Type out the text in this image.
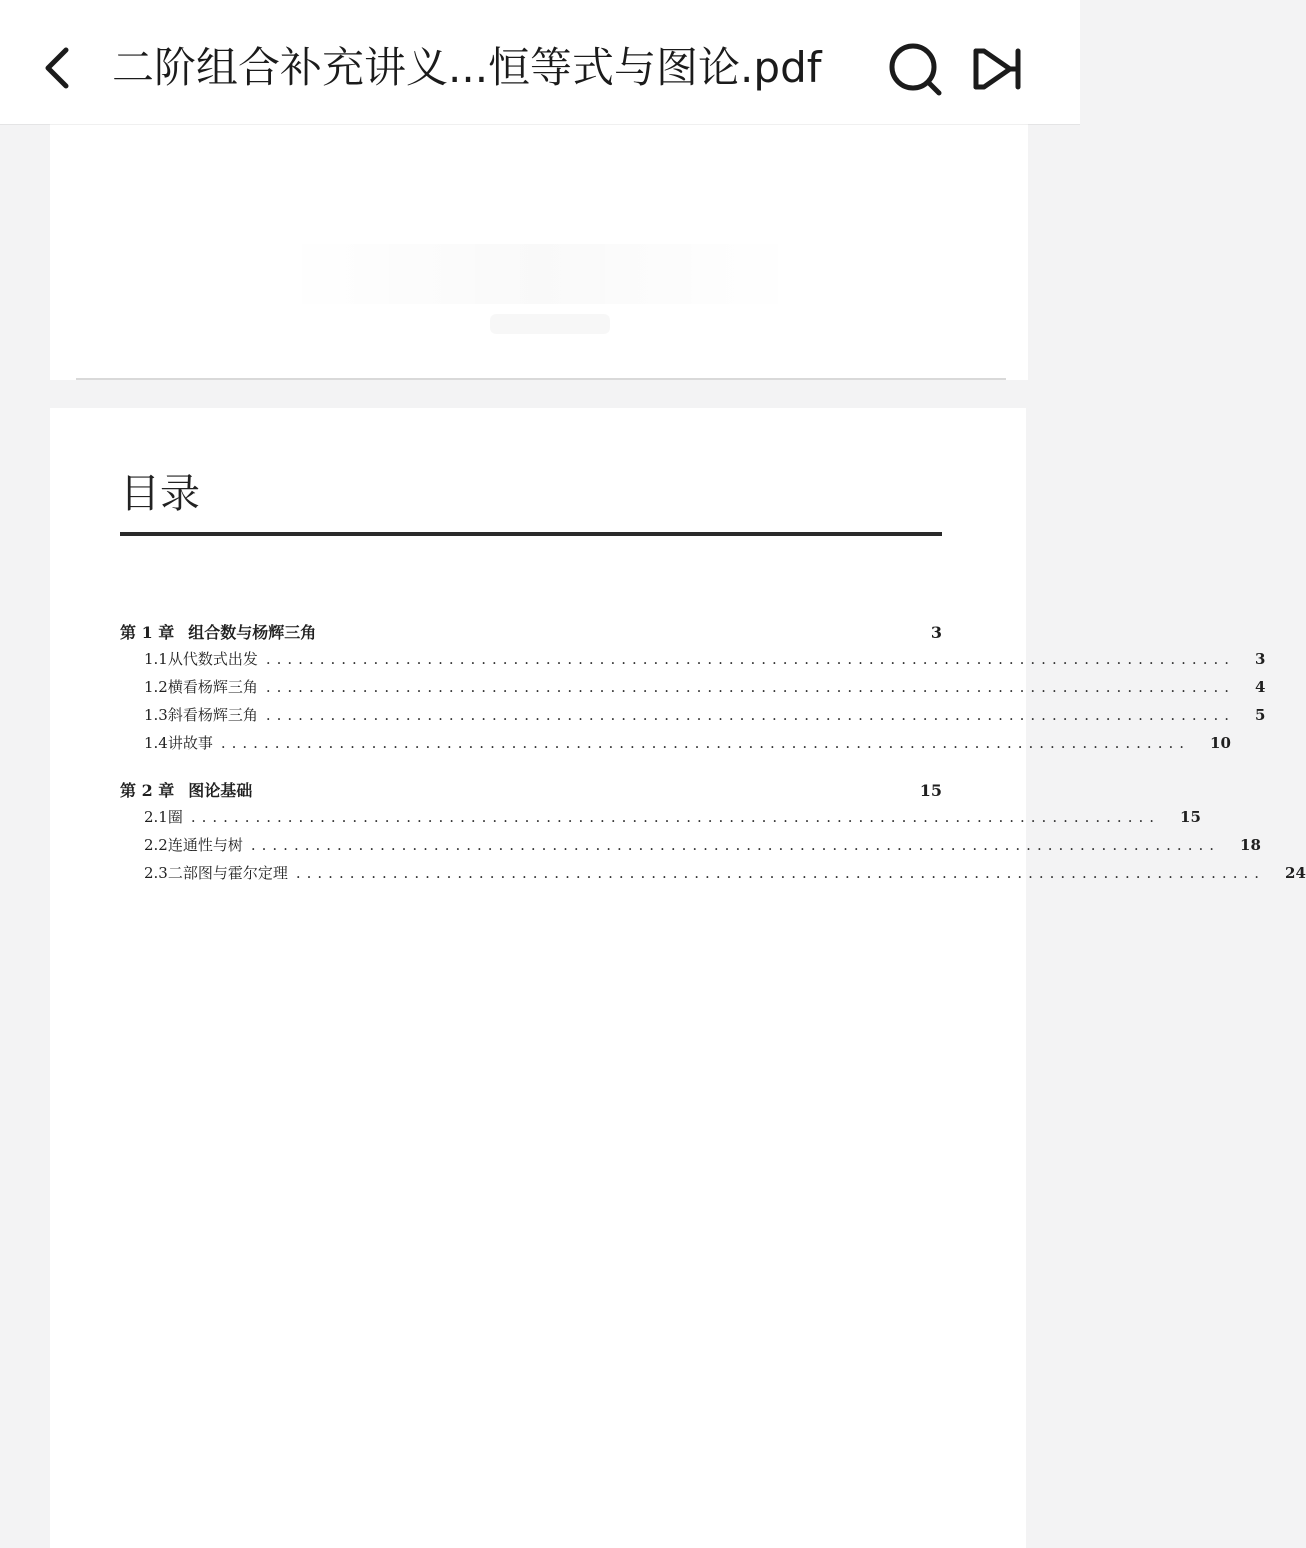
二阶组合补充讲义...恒等式与图论.pdf
目录
第 1 章 组合数与杨辉三角	3
1.1 从代数式出发 .......................................................................................... 3
1.2 横看杨辉三角 .......................................................................................... 4
1.3 斜看杨辉三角 .......................................................................................... 5
1.4 讲故事 .......................................................................................... 10
第 2 章 图论基础	15
2.1 圈 .......................................................................................... 15
2.2 连通性与树 .......................................................................................... 18
2.3 二部图与霍尔定理 .......................................................................................... 24
